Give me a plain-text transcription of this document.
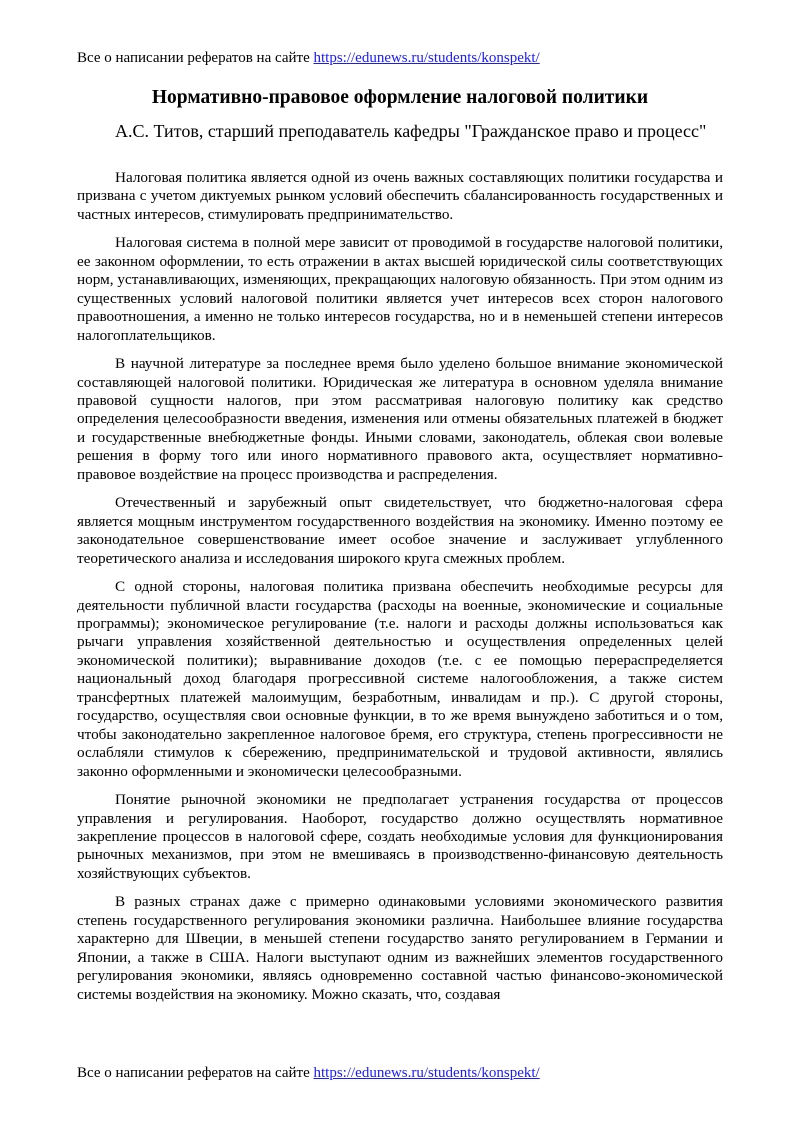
Все о написании рефератов на сайте https://edunews.ru/students/konspekt/
Нормативно-правовое оформление налоговой политики

А.С. Титов, старший преподаватель кафедры "Гражданское право и процесс"

Налоговая политика является одной из очень важных составляющих политики государства и призвана с учетом диктуемых рынком условий обеспечить сбалансированность государственных и частных интересов, стимулировать предпринимательство.

Налоговая система в полной мере зависит от проводимой в государстве налоговой политики, ее законном оформлении, то есть отражении в актах высшей юридической силы соответствующих норм, устанавливающих, изменяющих, прекращающих налоговую обязанность. При этом одним из существенных условий налоговой политики является учет интересов всех сторон налогового правоотношения, а именно не только интересов государства, но и в неменьшей степени интересов налогоплательщиков.

В научной литературе за последнее время было уделено большое внимание экономической составляющей налоговой политики. Юридическая же литература в основном уделяла внимание правовой сущности налогов, при этом рассматривая налоговую политику как средство определения целесообразности введения, изменения или отмены обязательных платежей в бюджет и государственные внебюджетные фонды. Иными словами, законодатель, облекая свои волевые решения в форму того или иного нормативного правового акта, осуществляет нормативно-правовое воздействие на процесс производства и распределения.

Отечественный и зарубежный опыт свидетельствует, что бюджетно-налоговая сфера является мощным инструментом государственного воздействия на экономику. Именно поэтому ее законодательное совершенствование имеет особое значение и заслуживает углубленного теоретического анализа и исследования широкого круга смежных проблем.

С одной стороны, налоговая политика призвана обеспечить необходимые ресурсы для деятельности публичной власти государства (расходы на военные, экономические и социальные программы); экономическое регулирование (т.е. налоги и расходы должны использоваться как рычаги управления хозяйственной деятельностью и осуществления определенных целей экономической политики); выравнивание доходов (т.е. с ее помощью перераспределяется национальный доход благодаря прогрессивной системе налогообложения, а также систем трансфертных платежей малоимущим, безработным, инвалидам и пр.). С другой стороны, государство, осуществляя свои основные функции, в то же время вынуждено заботиться и о том, чтобы законодательно закрепленное налоговое бремя, его структура, степень прогрессивности не ослабляли стимулов к сбережению, предпринимательской и трудовой активности, являлись законно оформленными и экономически целесообразными.

Понятие рыночной экономики не предполагает устранения государства от процессов управления и регулирования. Наоборот, государство должно осуществлять нормативное закрепление процессов в налоговой сфере, создать необходимые условия для функционирования рыночных механизмов, при этом не вмешиваясь в производственно-финансовую деятельность хозяйствующих субъектов.

В разных странах даже с примерно одинаковыми условиями экономического развития степень государственного регулирования экономики различна. Наибольшее влияние государства характерно для Швеции, в меньшей степени государство занято регулированием в Германии и Японии, а также в США. Налоги выступают одним из важнейших элементов государственного регулирования экономики, являясь одновременно составной частью финансово-экономической системы воздействия на экономику. Можно сказать, что, создавая

Все о написании рефератов на сайте https://edunews.ru/students/konspekt/
